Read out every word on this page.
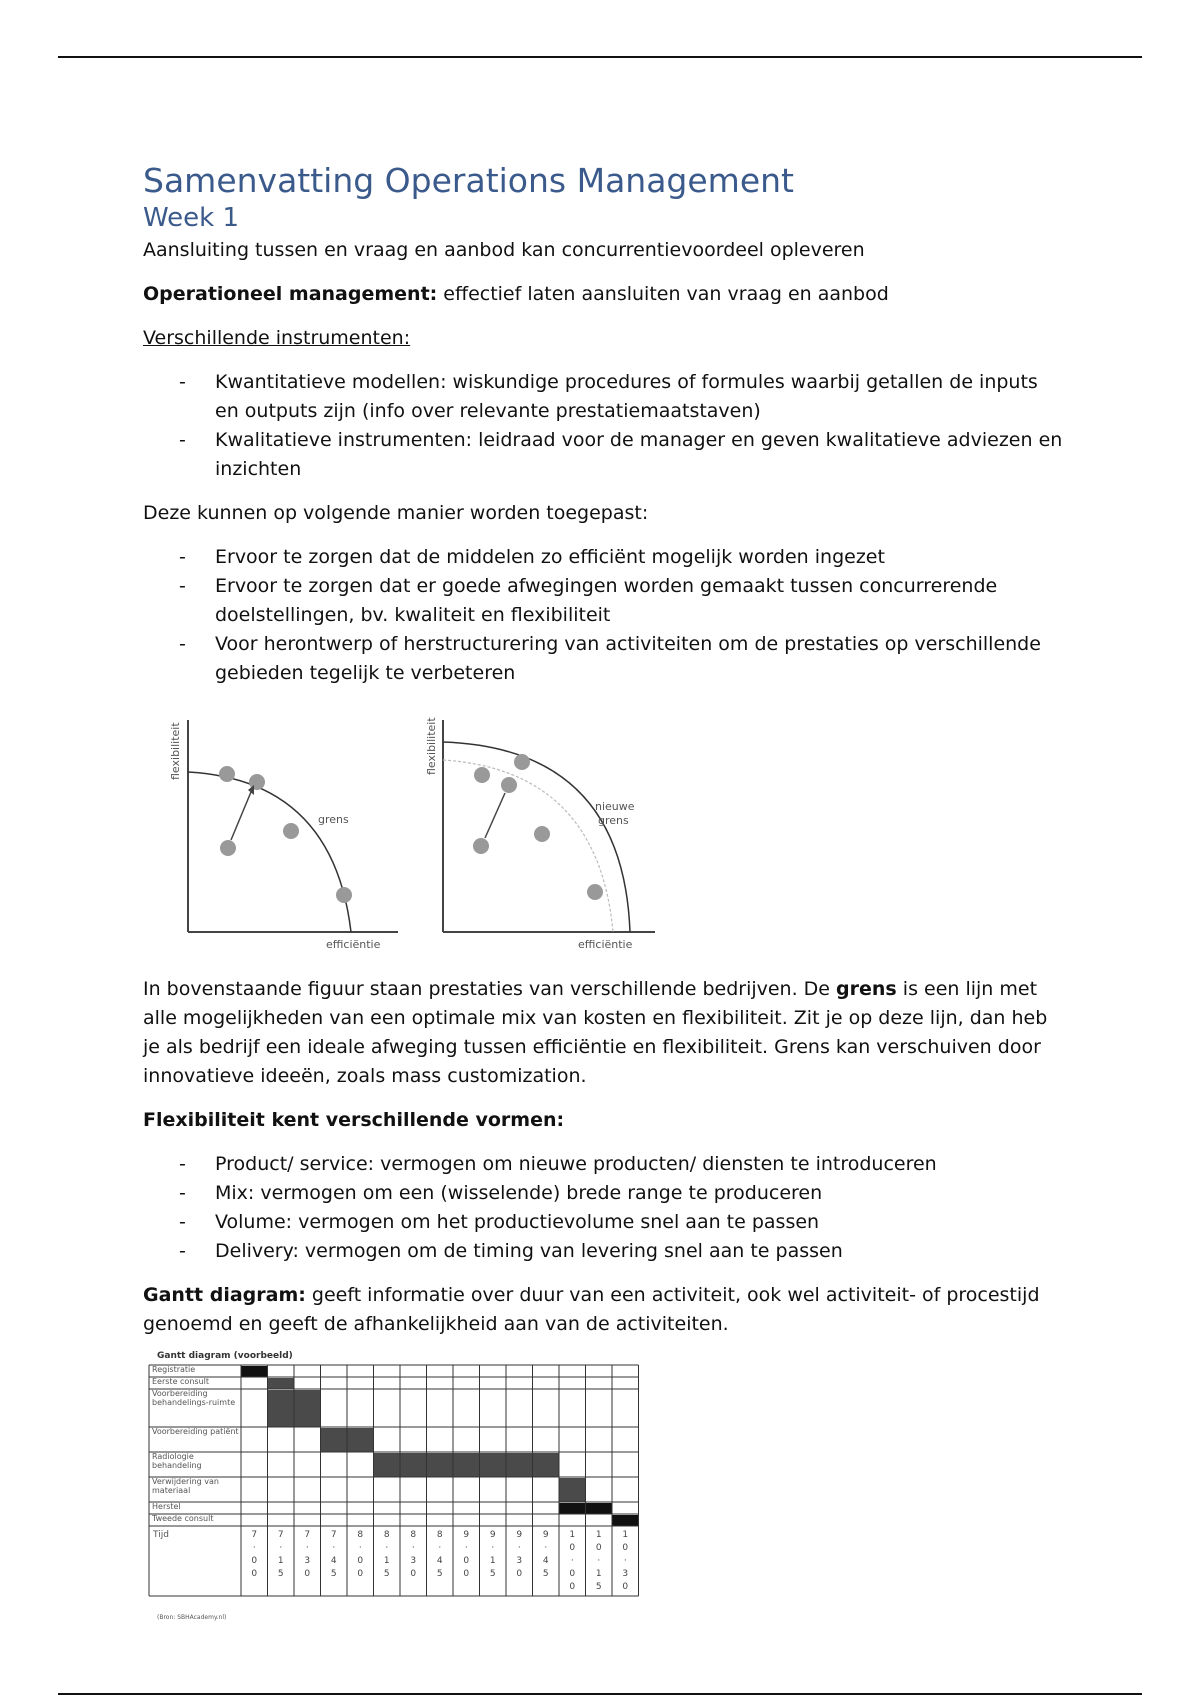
Samenvatting Operations Management
Week 1

Aansluiting tussen en vraag en aanbod kan concurrentievoordeel opleveren

Operationeel management: effectief laten aansluiten van vraag en aanbod

Verschillende instrumenten:

- Kwantitatieve modellen: wiskundige procedures of formules waarbij getallen de inputs en outputs zijn (info over relevante prestatiemaatstaven)
- Kwalitatieve instrumenten: leidraad voor de manager en geven kwalitatieve adviezen en inzichten

Deze kunnen op volgende manier worden toegepast:

- Ervoor te zorgen dat de middelen zo efficiënt mogelijk worden ingezet
- Ervoor te zorgen dat er goede afwegingen worden gemaakt tussen concurrerende doelstellingen, bv. kwaliteit en flexibiliteit
- Voor herontwerp of herstructurering van activiteiten om de prestaties op verschillende gebieden tegelijk te verbeteren
flexibiliteit
efficiëntie
grens
flexibiliteit
efficiëntie
nieuwe
grens

In bovenstaande figuur staan prestaties van verschillende bedrijven. De grens is een lijn met alle mogelijkheden van een optimale mix van kosten en flexibiliteit. Zit je op deze lijn, dan heb je als bedrijf een ideale afweging tussen efficiëntie en flexibiliteit. Grens kan verschuiven door innovatieve ideeën, zoals mass customization.

Flexibiliteit kent verschillende vormen:

- Product/ service: vermogen om nieuwe producten/ diensten te introduceren
- Mix: vermogen om een (wisselende) brede range te produceren
- Volume: vermogen om het productievolume snel aan te passen
- Delivery: vermogen om de timing van levering snel aan te passen

Gantt diagram: geeft informatie over duur van een activiteit, ook wel activiteit- of procestijd genoemd en geeft de afhankelijkheid aan van de activiteiten.

Gantt diagram (voorbeeld)
(Bron: SBHAcademy.nl)
Registratie
Eerste consult
Voorbereiding behandelings-ruimte
Voorbereiding patiënt
Radiologie behandeling
Verwijdering van materiaal
Herstel
Tweede consult
Tijd	7
·
0
0
7
·
1
5
7
·
3
0
7
·
4
5
8
·
0
0
8
·
1
5
8
·
3
0
8
·
4
5
9
·
0
0
9
·
1
5
9
·
3
0
9
·
4
5
1
0
·
0
0
1
0
·
1
5
1
0
·
3
0
